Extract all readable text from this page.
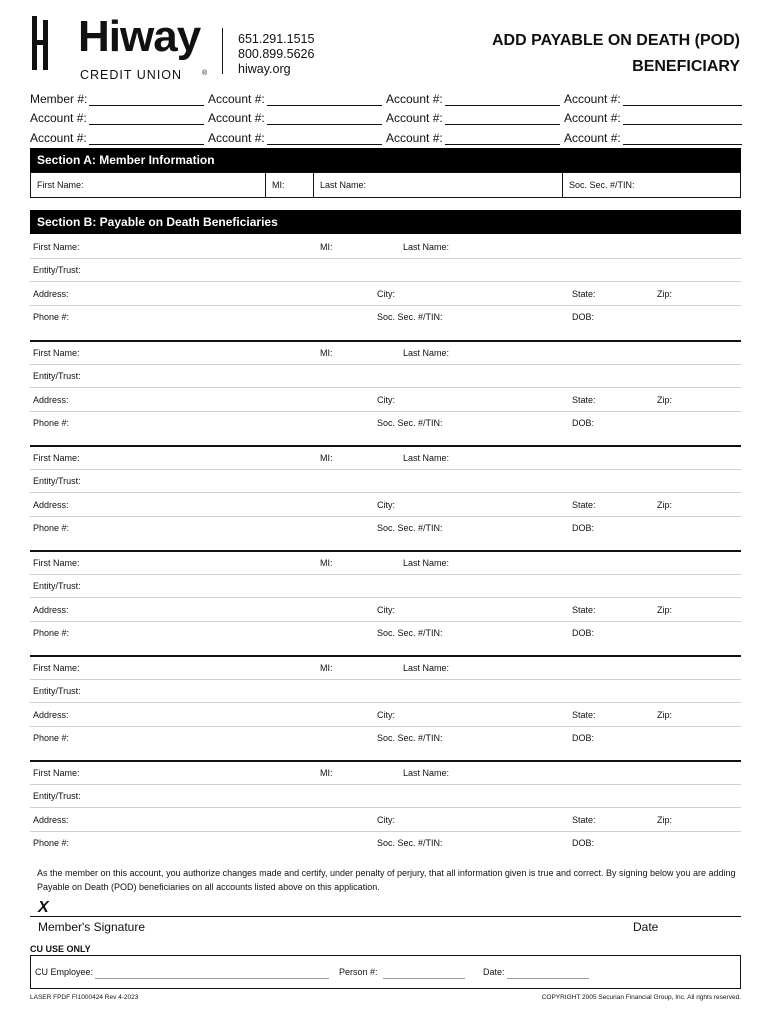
Hiway
CREDIT UNION	®
651.291.1515
800.899.5626
hiway.org
ADD PAYABLE ON DEATH (POD)
BENEFICIARY
Member #:	Account #:	Account #:	Account #:
Account #:	Account #:	Account #:	Account #:
Account #:	Account #:	Account #:	Account #:
Section A: Member Information
First Name:	MI:	Last Name:	Soc. Sec. #/TIN:
Section B: Payable on Death Beneficiaries
First Name:	MI:	Last Name:
Entity/Trust:
Address:	City:	State:	Zip:
Phone #:	Soc. Sec. #/TIN:	DOB:
First Name:	MI:	Last Name:
Entity/Trust:
Address:	City:	State:	Zip:
Phone #:	Soc. Sec. #/TIN:	DOB:
First Name:	MI:	Last Name:
Entity/Trust:
Address:	City:	State:	Zip:
Phone #:	Soc. Sec. #/TIN:	DOB:
First Name:	MI:	Last Name:
Entity/Trust:
Address:	City:	State:	Zip:
Phone #:	Soc. Sec. #/TIN:	DOB:
First Name:	MI:	Last Name:
Entity/Trust:
Address:	City:	State:	Zip:
Phone #:	Soc. Sec. #/TIN:	DOB:
First Name:	MI:	Last Name:
Entity/Trust:
Address:	City:	State:	Zip:
Phone #:	Soc. Sec. #/TIN:	DOB:
As the member on this account, you authorize changes made and certify, under penalty of perjury, that all information given is true and correct. By signing below you are adding Payable on Death (POD) beneficiaries on all accounts listed above on this application.
X
Member's Signature	Date
CU USE ONLY
CU Employee:	Person #:	Date:
LASER FPDF FI1000424 Rev 4-2023	COPYRIGHT 2005 Securian Financial Group, Inc. All rights reserved.
